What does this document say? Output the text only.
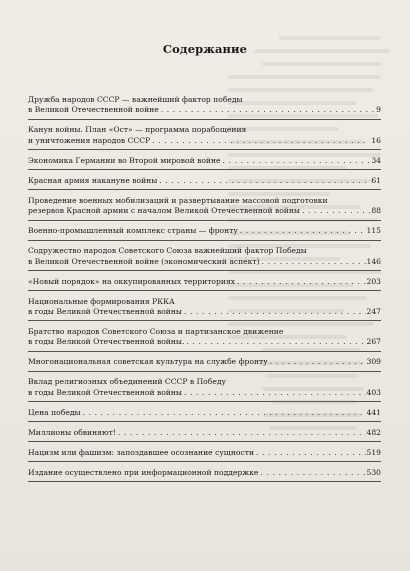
Содержание
Дружба народов СССР — важнейший фактор победы
в Великой Отечественной войне . . .	9
Канун войны. План «Ост» — программа порабощения
и уничтожения народов СССР . . .	16
Экономика Германии во Второй мировой войне . . .	34
Красная армия накануне войны . . .	61
Проведение военных мобилизаций и развертывание массовой подготовки
резервов Красной армии с началом Великой Отечественной войны . . .	88
Военно-промышленный комплекс страны — фронту . . .	115
Содружество народов Советского Союза важнейший фактор Победы
в Великой Отечественной войне (экономический аспект) . . .	146
«Новый порядок» на оккупированных территориях . . .	203
Национальные формирования РККА
в годы Великой Отечественной войны . . .	247
Братство народов Советского Союза и партизанское движение
в годы Великой Отечественной войны. . . .	267
Многонациональная советская культура на службе фронту . . .	309
Вклад религиозных объединений СССР в Победу
в годы Великой Отечественной войны . . .	403
Цена победы . . .	441
Миллионы обвиняют! . . .	482
Нацизм или фашизм: запоздавшее осознание сущности . . .	519
Издание осуществлено при информационной поддержке . . .	530
